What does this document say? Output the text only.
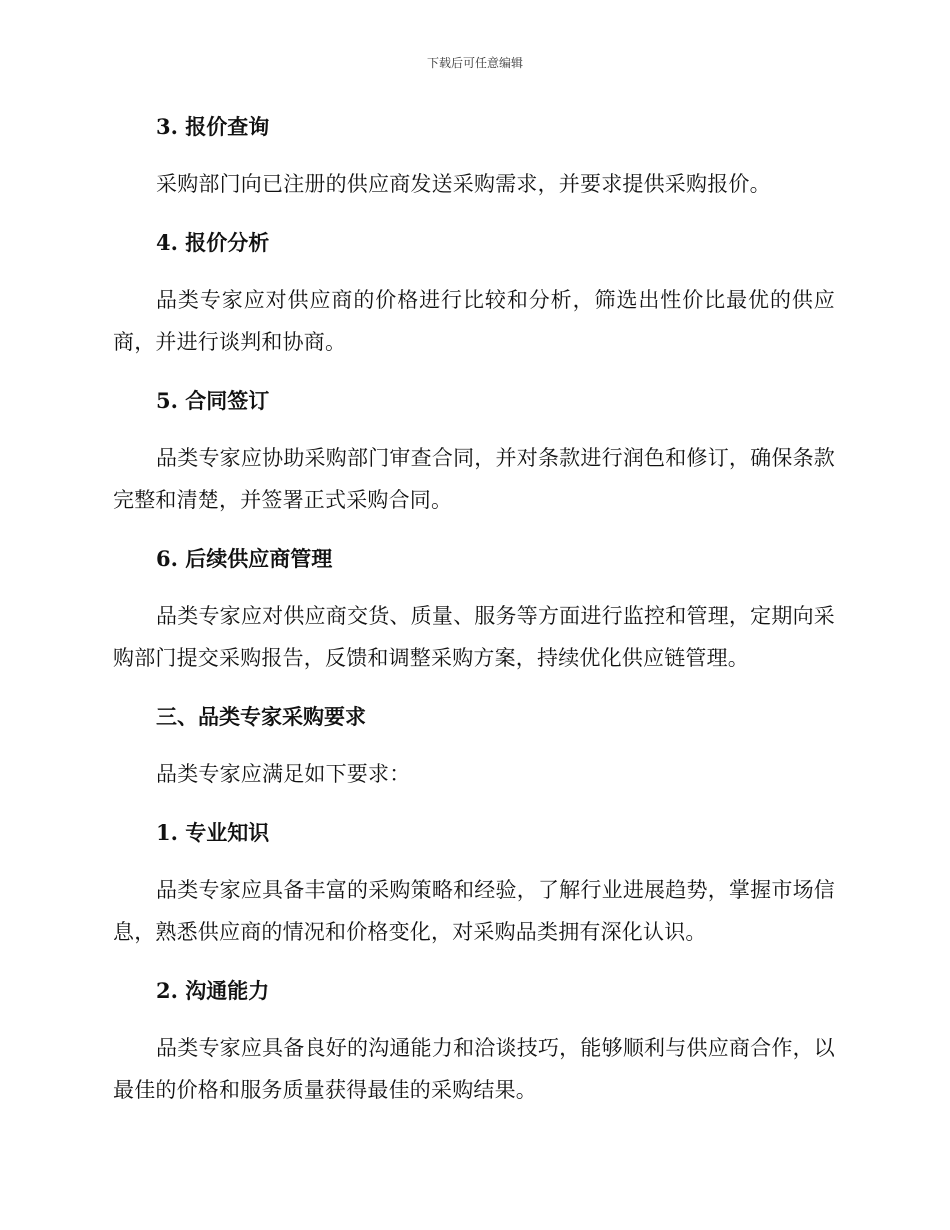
下载后可任意编辑

3. 报价查询

采购部门向已注册的供应商发送采购需求，并要求提供采购报价。

4. 报价分析

品类专家应对供应商的价格进行比较和分析，筛选出性价比最优的供应商，并进行谈判和协商。

5. 合同签订

品类专家应协助采购部门审查合同，并对条款进行润色和修订，确保条款完整和清楚，并签署正式采购合同。

6. 后续供应商管理

品类专家应对供应商交货、质量、服务等方面进行监控和管理，定期向采购部门提交采购报告，反馈和调整采购方案，持续优化供应链管理。

三、品类专家采购要求

品类专家应满足如下要求：

1. 专业知识

品类专家应具备丰富的采购策略和经验，了解行业进展趋势，掌握市场信息，熟悉供应商的情况和价格变化，对采购品类拥有深化认识。

2. 沟通能力

品类专家应具备良好的沟通能力和洽谈技巧，能够顺利与供应商合作，以最佳的价格和服务质量获得最佳的采购结果。
